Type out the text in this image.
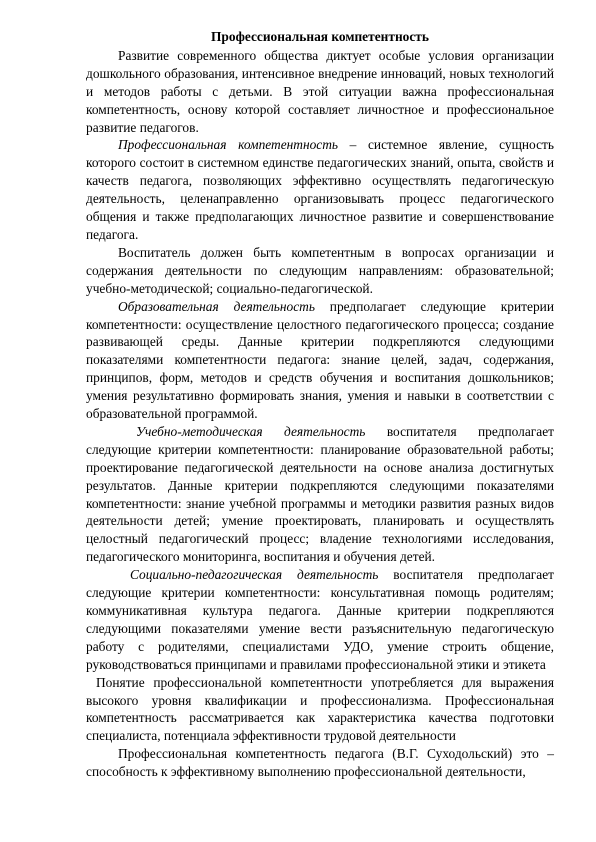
Профессиональная компетентность

Развитие современного общества диктует особые условия организации дошкольного образования, интенсивное внедрение инноваций, новых технологий и методов работы с детьми. В этой ситуации важна профессиональная компетентность, основу которой составляет личностное и профессиональное развитие педагогов.

Профессиональная компетентность – системное явление, сущность которого состоит в системном единстве педагогических знаний, опыта, свойств и качеств педагога, позволяющих эффективно осуществлять педагогическую деятельность, целенаправленно организовывать процесс педагогического общения и также предполагающих личностное развитие и совершенствование педагога.

Воспитатель должен быть компетентным в вопросах организации и содержания деятельности по следующим направлениям: образовательной; учебно-методической; социально-педагогической.

Образовательная деятельность предполагает следующие критерии компетентности: осуществление целостного педагогического процесса; создание развивающей среды. Данные критерии подкрепляются следующими показателями компетентности педагога: знание целей, задач, содержания, принципов, форм, методов и средств обучения и воспитания дошкольников; умения результативно формировать знания, умения и навыки в соответствии с образовательной программой.

Учебно-методическая деятельность воспитателя предполагает следующие критерии компетентности: планирование образовательной работы; проектирование педагогической деятельности на основе анализа достигнутых результатов. Данные критерии подкрепляются следующими показателями компетентности: знание учебной программы и методики развития разных видов деятельности детей; умение проектировать, планировать и осуществлять целостный педагогический процесс; владение технологиями исследования, педагогического мониторинга, воспитания и обучения детей.

Социально-педагогическая деятельность воспитателя предполагает следующие критерии компетентности: консультативная помощь родителям; коммуникативная культура педагога. Данные критерии подкрепляются следующими показателями умение вести разъяснительную педагогическую работу с родителями, специалистами УДО, умение строить общение, руководствоваться принципами и правилами профессиональной этики и этикета

Понятие профессиональной компетентности употребляется для выражения высокого уровня квалификации и профессионализма. Профессиональная компетентность рассматривается как характеристика качества подготовки специалиста, потенциала эффективности трудовой деятельности

Профессиональная компетентность педагога (В.Г. Суходольский) это – способность к эффективному выполнению профессиональной деятельности,
